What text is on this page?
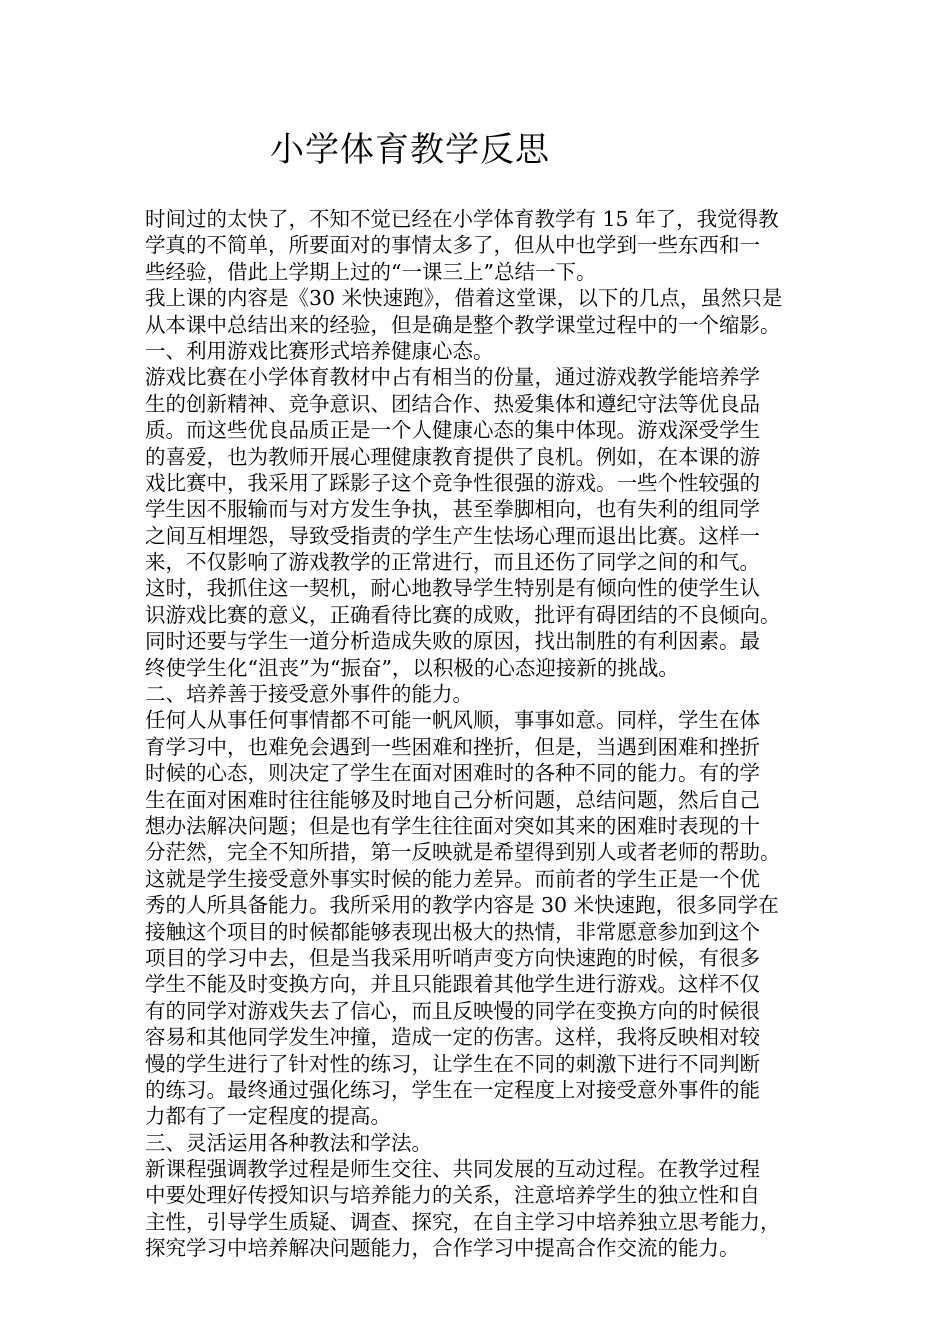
小学体育教学反思
时间过的太快了，不知不觉已经在小学体育教学有 15 年了，我觉得教
学真的不简单，所要面对的事情太多了，但从中也学到一些东西和一
些经验，借此上学期上过的“一课三上”总结一下。
我上课的内容是《30 米快速跑》，借着这堂课，以下的几点，虽然只是
从本课中总结出来的经验，但是确是整个教学课堂过程中的一个缩影。
一、利用游戏比赛形式培养健康心态。
游戏比赛在小学体育教材中占有相当的份量，通过游戏教学能培养学
生的创新精神、竞争意识、团结合作、热爱集体和遵纪守法等优良品
质。而这些优良品质正是一个人健康心态的集中体现。游戏深受学生
的喜爱，也为教师开展心理健康教育提供了良机。例如，在本课的游
戏比赛中，我采用了踩影子这个竞争性很强的游戏。一些个性较强的
学生因不服输而与对方发生争执，甚至拳脚相向，也有失利的组同学
之间互相埋怨，导致受指责的学生产生怯场心理而退出比赛。这样一
来，不仅影响了游戏教学的正常进行，而且还伤了同学之间的和气。
这时，我抓住这一契机，耐心地教导学生特别是有倾向性的使学生认
识游戏比赛的意义，正确看待比赛的成败，批评有碍团结的不良倾向。
同时还要与学生一道分析造成失败的原因，找出制胜的有利因素。最
终使学生化“沮丧”为“振奋”，以积极的心态迎接新的挑战。
二、培养善于接受意外事件的能力。
任何人从事任何事情都不可能一帆风顺，事事如意。同样，学生在体
育学习中，也难免会遇到一些困难和挫折，但是，当遇到困难和挫折
时候的心态，则决定了学生在面对困难时的各种不同的能力。有的学
生在面对困难时往往能够及时地自己分析问题，总结问题，然后自己
想办法解决问题；但是也有学生往往面对突如其来的困难时表现的十
分茫然，完全不知所措，第一反映就是希望得到别人或者老师的帮助。
这就是学生接受意外事实时候的能力差异。而前者的学生正是一个优
秀的人所具备能力。我所采用的教学内容是 30 米快速跑，很多同学在
接触这个项目的时候都能够表现出极大的热情，非常愿意参加到这个
项目的学习中去，但是当我采用听哨声变方向快速跑的时候，有很多
学生不能及时变换方向，并且只能跟着其他学生进行游戏。这样不仅
有的同学对游戏失去了信心，而且反映慢的同学在变换方向的时候很
容易和其他同学发生冲撞，造成一定的伤害。这样，我将反映相对较
慢的学生进行了针对性的练习，让学生在不同的刺激下进行不同判断
的练习。最终通过强化练习，学生在一定程度上对接受意外事件的能
力都有了一定程度的提高。
三、灵活运用各种教法和学法。
新课程强调教学过程是师生交往、共同发展的互动过程。在教学过程
中要处理好传授知识与培养能力的关系，注意培养学生的独立性和自
主性，引导学生质疑、调查、探究，在自主学习中培养独立思考能力，
探究学习中培养解决问题能力，合作学习中提高合作交流的能力。
